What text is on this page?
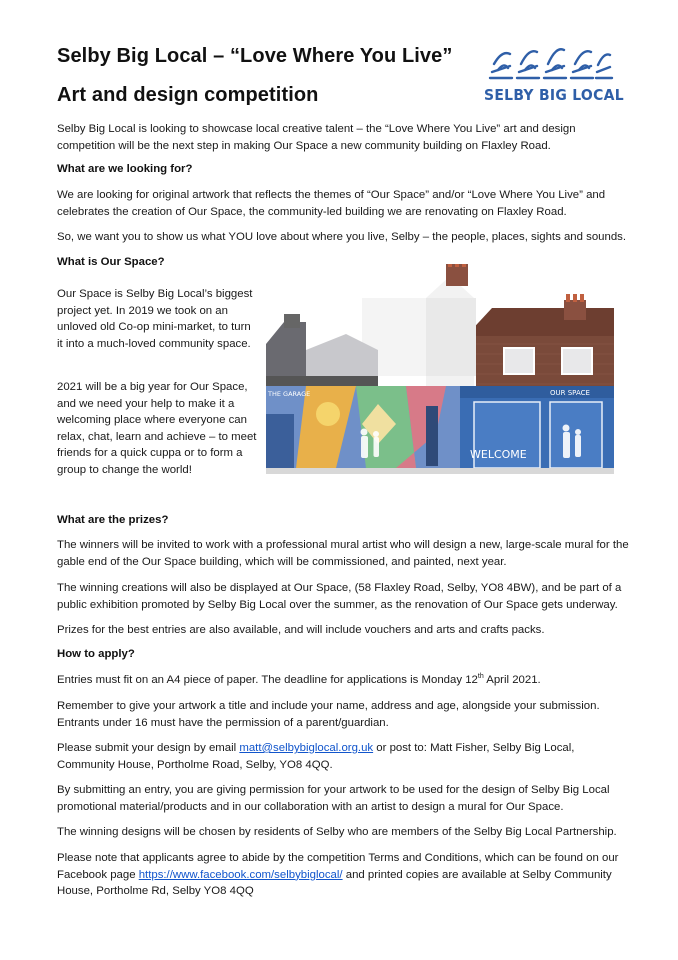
Selby Big Local – “Love Where You Live”
Art and design competition	SELBY BIG LOCAL
Selby Big Local is looking to showcase local creative talent – the “Love Where You Live” art and design competition will be the next step in making Our Space a new community building on Flaxley Road.
What are we looking for?
We are looking for original artwork that reflects the themes of “Our Space” and/or “Love Where You Live” and celebrates the creation of Our Space, the community-led building we are renovating on Flaxley Road.
So, we want you to show us what YOU love about where you live, Selby – the people, places, sights and sounds.
What is Our Space?
Our Space is Selby Big Local’s biggest project yet. In 2019 we took on an unloved old Co-op mini-market, to turn it into a much-loved community space.
2021 will be a big year for Our Space, and we need your help to make it a welcoming place where everyone can relax, chat, learn and achieve – to meet friends for a quick cuppa or to form a group to change the world!
THE GARAGE	OUR SPACE
WELCOME
What are the prizes?
The winners will be invited to work with a professional mural artist who will design a new, large-scale mural for the gable end of the Our Space building, which will be commissioned, and painted, next year.
The winning creations will also be displayed at Our Space, (58 Flaxley Road, Selby, YO8 4BW), and be part of a public exhibition promoted by Selby Big Local over the summer, as the renovation of Our Space gets underway.
Prizes for the best entries are also available, and will include vouchers and arts and crafts packs.
How to apply?
Entries must fit on an A4 piece of paper. The deadline for applications is Monday 12th April 2021.
Remember to give your artwork a title and include your name, address and age, alongside your submission. Entrants under 16 must have the permission of a parent/guardian.
Please submit your design by email matt@selbybiglocal.org.uk or post to: Matt Fisher, Selby Big Local, Community House, Portholme Road, Selby, YO8 4QQ.
By submitting an entry, you are giving permission for your artwork to be used for the design of Selby Big Local promotional material/products and in our collaboration with an artist to design a mural for Our Space.
The winning designs will be chosen by residents of Selby who are members of the Selby Big Local Partnership.
Please note that applicants agree to abide by the competition Terms and Conditions, which can be found on our Facebook page https://www.facebook.com/selbybiglocal/ and printed copies are available at Selby Community House, Portholme Rd, Selby YO8 4QQ
